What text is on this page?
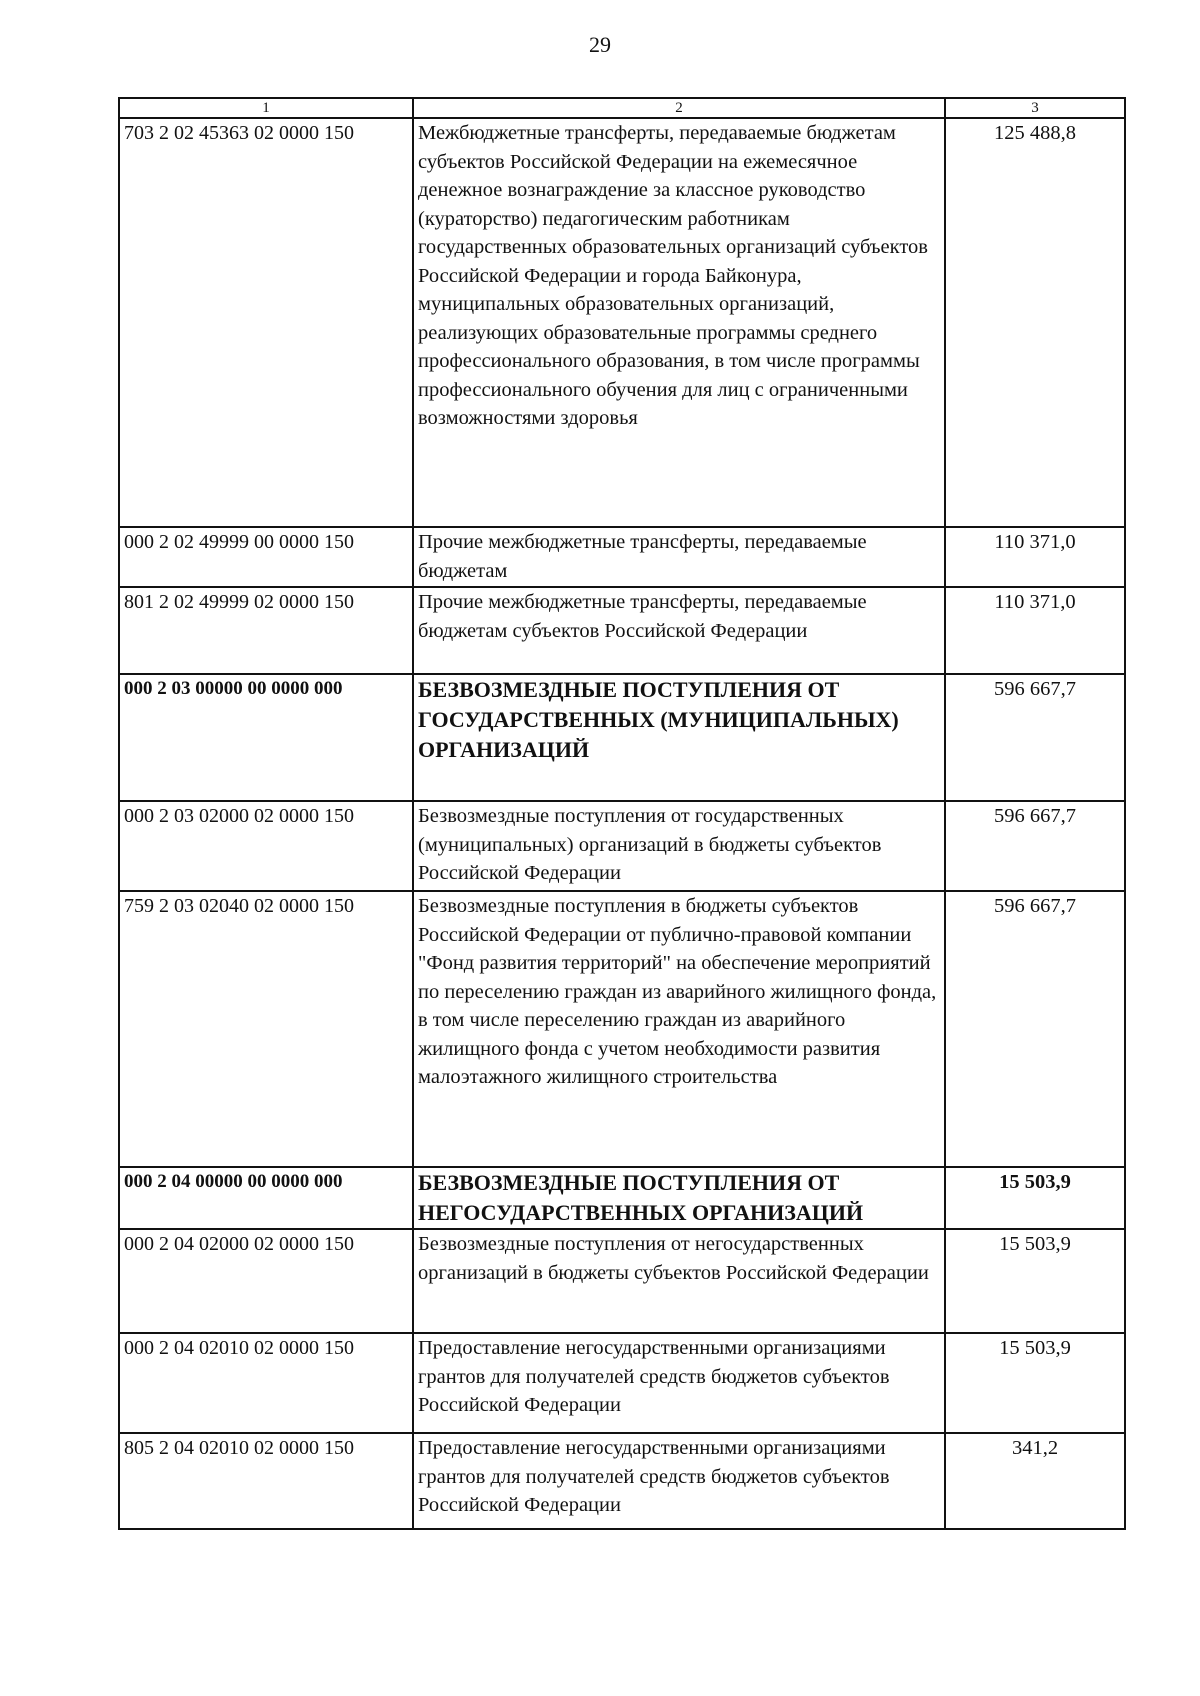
29
1	2	3
703 2 02 45363 02 0000 150	Межбюджетные трансферты, передаваемые бюджетам субъектов Российской Федерации на ежемесячное денежное вознаграждение за классное руководство (кураторство) педагогическим работникам государственных образовательных организаций субъектов Российской Федерации и города Байконура, муниципальных образовательных организаций, реализующих образовательные программы среднего профессионального образования, в том числе программы профессионального обучения для лиц с ограниченными возможностями здоровья	125 488,8
000 2 02 49999 00 0000 150	Прочие межбюджетные трансферты, передаваемые бюджетам	110 371,0
801 2 02 49999 02 0000 150	Прочие межбюджетные трансферты, передаваемые бюджетам субъектов Российской Федерации	110 371,0
000 2 03 00000 00 0000 000	БЕЗВОЗМЕЗДНЫЕ ПОСТУПЛЕНИЯ ОТ ГОСУДАРСТВЕННЫХ (МУНИЦИПАЛЬНЫХ) ОРГАНИЗАЦИЙ	596 667,7
000 2 03 02000 02 0000 150	Безвозмездные поступления от государственных (муниципальных) организаций в бюджеты субъектов Российской Федерации	596 667,7
759 2 03 02040 02 0000 150	Безвозмездные поступления в бюджеты субъектов Российской Федерации от публично-правовой компании "Фонд развития территорий" на обеспечение мероприятий по переселению граждан из аварийного жилищного фонда, в том числе переселению граждан из аварийного жилищного фонда с учетом необходимости развития малоэтажного жилищного строительства	596 667,7
000 2 04 00000 00 0000 000	БЕЗВОЗМЕЗДНЫЕ ПОСТУПЛЕНИЯ ОТ НЕГОСУДАРСТВЕННЫХ ОРГАНИЗАЦИЙ	15 503,9
000 2 04 02000 02 0000 150	Безвозмездные поступления от негосударственных организаций в бюджеты субъектов Российской Федерации	15 503,9
000 2 04 02010 02 0000 150	Предоставление негосударственными организациями грантов для получателей средств бюджетов субъектов Российской Федерации	15 503,9
805 2 04 02010 02 0000 150	Предоставление негосударственными организациями грантов для получателей средств бюджетов субъектов Российской Федерации	341,2
